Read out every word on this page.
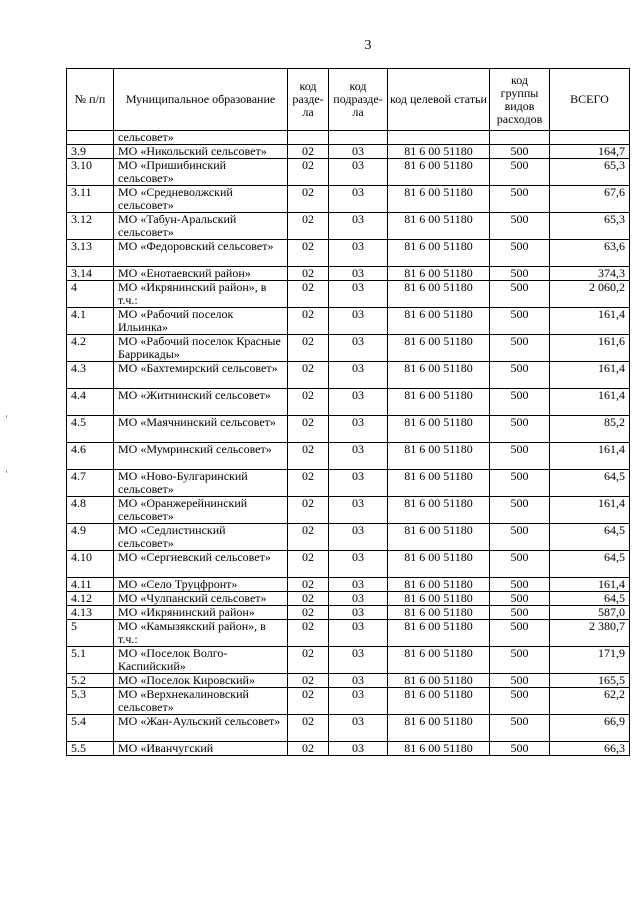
3
№ п/п	Муниципальное образование	код разде-ла	код подразде-ла	код целевой статьи	код группы видов расходов	ВСЕГО
	сельсовет»					
3.9	МО «Никольский сельсовет»	02	03	81 6 00 51180	500	164,7
3.10	МО «Пришибинский сельсовет»	02	03	81 6 00 51180	500	65,3
3.11	МО «Средневолжский сельсовет»	02	03	81 6 00 51180	500	67,6
3.12	МО «Табун-Аральский сельсовет»	02	03	81 6 00 51180	500	65,3
3.13	МО «Федоровский сельсовет»	02	03	81 6 00 51180	500	63,6
3.14	МО «Енотаевский район»	02	03	81 6 00 51180	500	374,3
4	МО «Икрянинский район», в т.ч.:	02	03	81 6 00 51180	500	2 060,2
4.1	МО «Рабочий поселок Ильинка»	02	03	81 6 00 51180	500	161,4
4.2	МО «Рабочий поселок Красные Баррикады»	02	03	81 6 00 51180	500	161,6
4.3	МО «Бахтемирский сельсовет»	02	03	81 6 00 51180	500	161,4
4.4	МО «Житнинский сельсовет»	02	03	81 6 00 51180	500	161,4
4.5	МО «Маячнинский сельсовет»	02	03	81 6 00 51180	500	85,2
4.6	МО «Мумринский сельсовет»	02	03	81 6 00 51180	500	161,4
4.7	МО «Ново-Булгаринский сельсовет»	02	03	81 6 00 51180	500	64,5
4.8	МО «Оранжерейнинский сельсовет»	02	03	81 6 00 51180	500	161,4
4.9	МО «Седлистинский сельсовет»	02	03	81 6 00 51180	500	64,5
4.10	МО «Сергиевский сельсовет»	02	03	81 6 00 51180	500	64,5
4.11	МО «Село Труцфронт»	02	03	81 6 00 51180	500	161,4
4.12	МО «Чулпанский сельсовет»	02	03	81 6 00 51180	500	64,5
4.13	МО «Икрянинский район»	02	03	81 6 00 51180	500	587,0
5	МО «Камызякский район», в т.ч.:	02	03	81 6 00 51180	500	2 380,7
5.1	МО «Поселок Волго-Каспийский»	02	03	81 6 00 51180	500	171,9
5.2	МО «Поселок Кировский»	02	03	81 6 00 51180	500	165,5
5.3	МО «Верхнекалиновский сельсовет»	02	03	81 6 00 51180	500	62,2
5.4	МО «Жан-Аульский сельсовет»	02	03	81 6 00 51180	500	66,9
5.5	МО «Иванчугский	02	03	81 6 00 51180	500	66,3
